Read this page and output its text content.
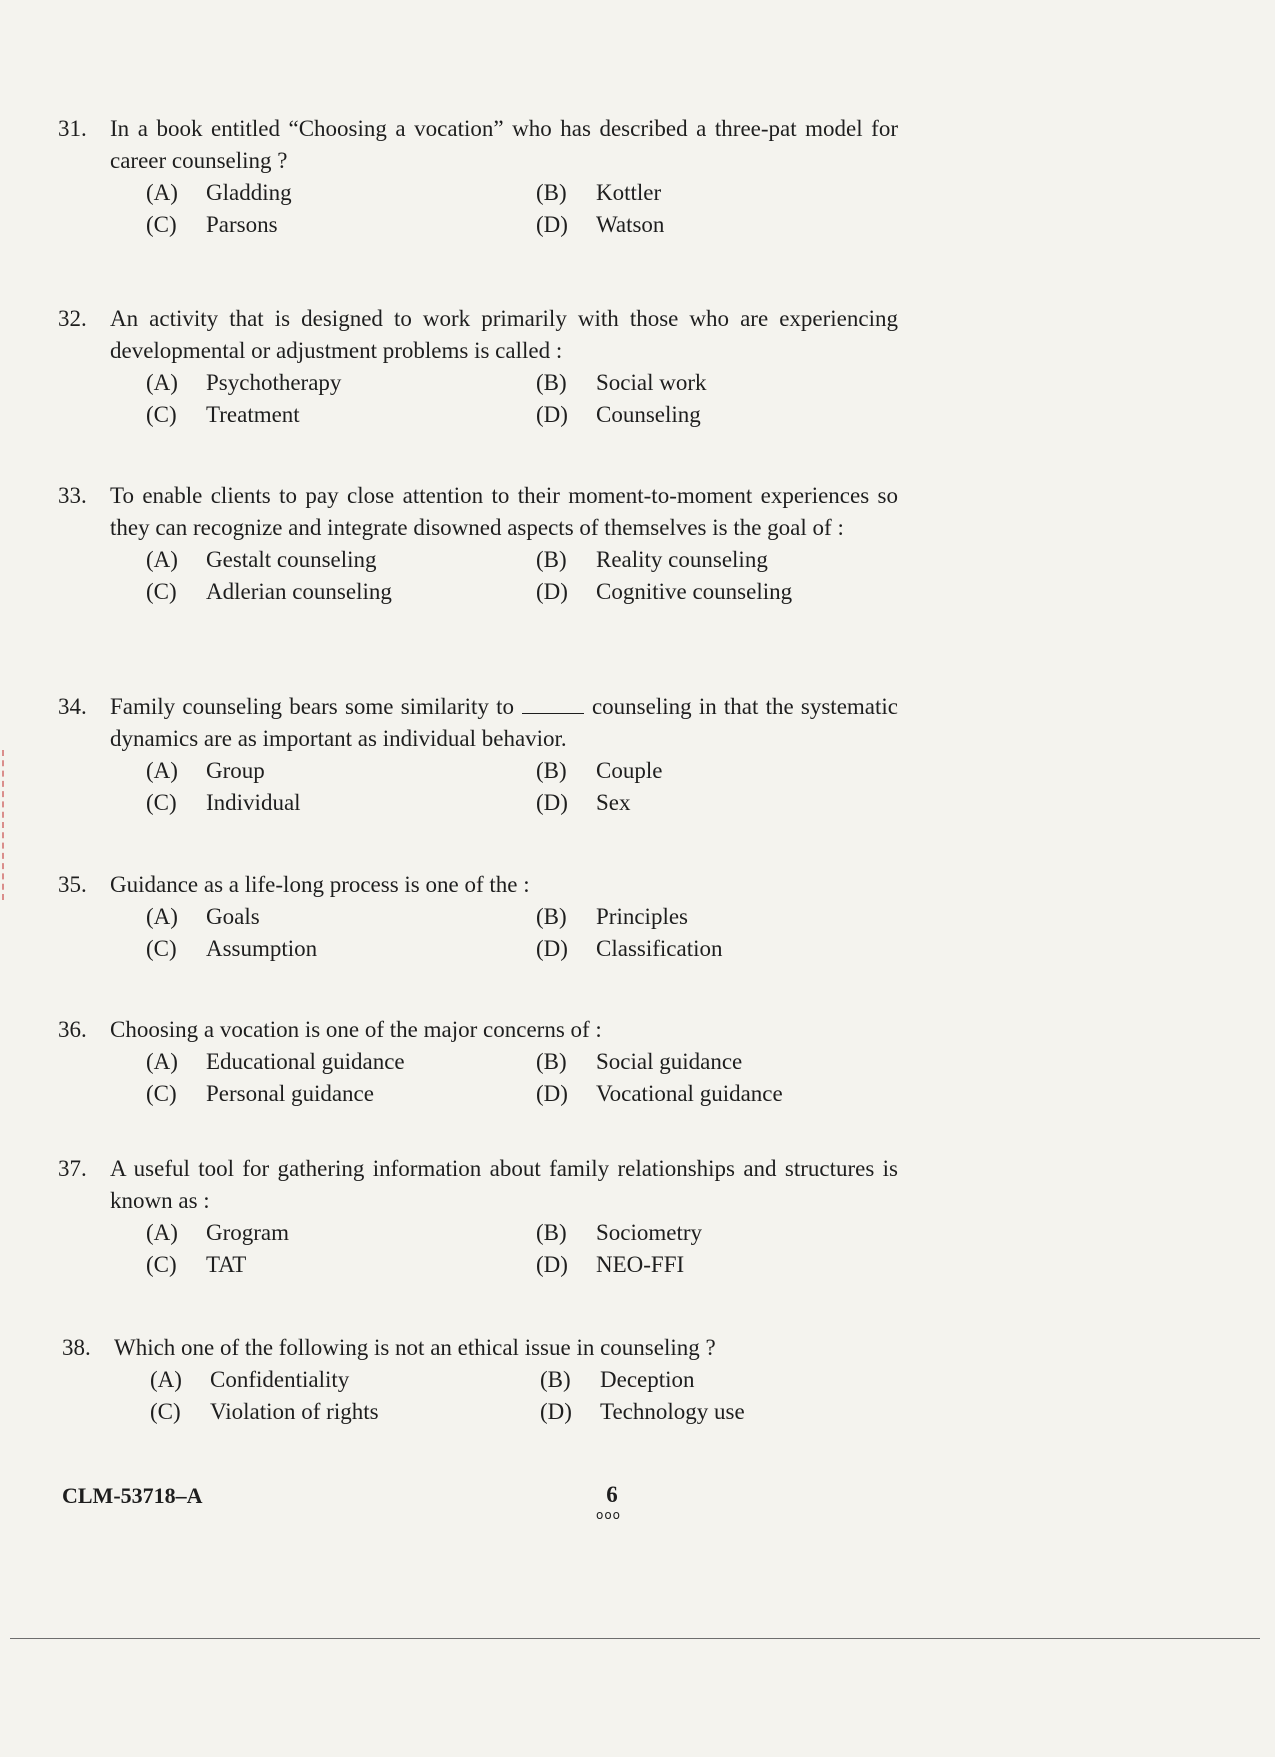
31. In a book entitled “Choosing a vocation” who has described a three-pat model for career counseling ?
(A) Gladding	(B) Kottler
(C) Parsons	(D) Watson
32. An activity that is designed to work primarily with those who are experiencing developmental or adjustment problems is called :
(A) Psychotherapy	(B) Social work
(C) Treatment	(D) Counseling
33. To enable clients to pay close attention to their moment-to-moment experiences so they can recognize and integrate disowned aspects of themselves is the goal of :
(A) Gestalt counseling	(B) Reality counseling
(C) Adlerian counseling	(D) Cognitive counseling
34. Family counseling bears some similarity to	counseling in that the systematic dynamics are as important as individual behavior.
(A) Group	(B) Couple
(C) Individual	(D) Sex
35. Guidance as a life-long process is one of the :
(A) Goals	(B) Principles
(C) Assumption	(D) Classification
36. Choosing a vocation is one of the major concerns of :
(A) Educational guidance	(B) Social guidance
(C) Personal guidance	(D) Vocational guidance
37. A useful tool for gathering information about family relationships and structures is known as :
(A) Grogram	(B) Sociometry
(C) TAT	(D) NEO-FFI
38. Which one of the following is not an ethical issue in counseling ?
(A) Confidentiality	(B) Deception
(C) Violation of rights	(D) Technology use
CLM-53718–A	6
ooo
